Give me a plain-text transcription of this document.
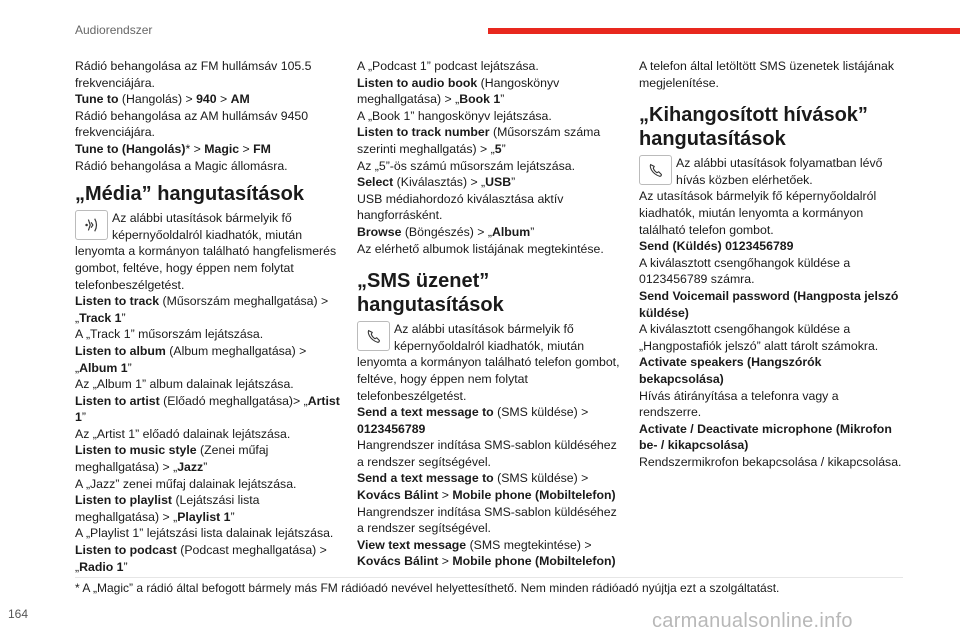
Audiorendszer

Rádió behangolása az FM hullámsáv 105.5 frekvenciájára.

Tune to (Hangolás) > 940 > AM

Rádió behangolása az AM hullámsáv 9450 frekvenciájára.

Tune to (Hangolás)* > Magic > FM

Rádió behangolása a Magic állomásra.

„Média” hangutasítások
Az alábbi utasítások bármelyik fő képernyőoldalról kiadhatók, miután lenyomta a kormányon található hangfelismerés gombot, feltéve, hogy éppen nem folytat telefonbeszélgetést.

Listen to track (Műsorszám meghallgatása) > „Track 1”

A „Track 1” műsorszám lejátszása.

Listen to album (Album meghallgatása) > „Album 1”

Az „Album 1” album dalainak lejátszása.

Listen to artist (Előadó meghallgatása)> „Artist 1”

Az „Artist 1” előadó dalainak lejátszása.

Listen to music style (Zenei műfaj meghallgatása) > „Jazz”

A „Jazz” zenei műfaj dalainak lejátszása.

Listen to playlist (Lejátszási lista meghallgatása) > „Playlist 1”

A „Playlist 1” lejátszási lista dalainak lejátszása.

Listen to podcast (Podcast meghallgatása) > „Radio 1”

A „Podcast 1” podcast lejátszása.

Listen to audio book (Hangoskönyv meghallgatása) > „Book 1”

A „Book 1” hangoskönyv lejátszása.

Listen to track number (Műsorszám száma szerinti meghallgatás) > „5”

Az „5”-ös számú műsorszám lejátszása.

Select (Kiválasztás) > „USB”

USB médiahordozó kiválasztása aktív hangforrásként.

Browse (Böngészés) > „Album”

Az elérhető albumok listájának megtekintése.

„SMS üzenet” hangutasítások
Az alábbi utasítások bármelyik fő képernyőoldalról kiadhatók, miután lenyomta a kormányon található telefon gombot, feltéve, hogy éppen nem folytat telefonbeszélgetést.

Send a text message to (SMS küldése) > 0123456789

Hangrendszer indítása SMS-sablon küldéséhez a rendszer segítségével.

Send a text message to (SMS küldése) > Kovács Bálint > Mobile phone (Mobiltelefon)

Hangrendszer indítása SMS-sablon küldéséhez a rendszer segítségével.

View text message (SMS megtekintése) > Kovács Bálint > Mobile phone (Mobiltelefon)

A telefon által letöltött SMS üzenetek listájának megjelenítése.

„Kihangosított hívások” hangutasítások
Az alábbi utasítások folyamatban lévő hívás közben elérhetőek.

Az utasítások bármelyik fő képernyőoldalról kiadhatók, miután lenyomta a kormányon található telefon gombot.

Send (Küldés) 0123456789

A kiválasztott csengőhangok küldése a 0123456789 számra.

Send Voicemail password (Hangposta jelszó küldése)

A kiválasztott csengőhangok küldése a „Hangpostafiók jelszó” alatt tárolt számokra.

Activate speakers (Hangszórók bekapcsolása)

Hívás átirányítása a telefonra vagy a rendszerre.

Activate / Deactivate microphone (Mikrofon be- / kikapcsolása)

Rendszermikrofon bekapcsolása / kikapcsolása.

* A „Magic” a rádió által befogott bármely más FM rádióadó nevével helyettesíthető. Nem minden rádióadó nyújtja ezt a szolgáltatást.
164	carmanualsonline.info
